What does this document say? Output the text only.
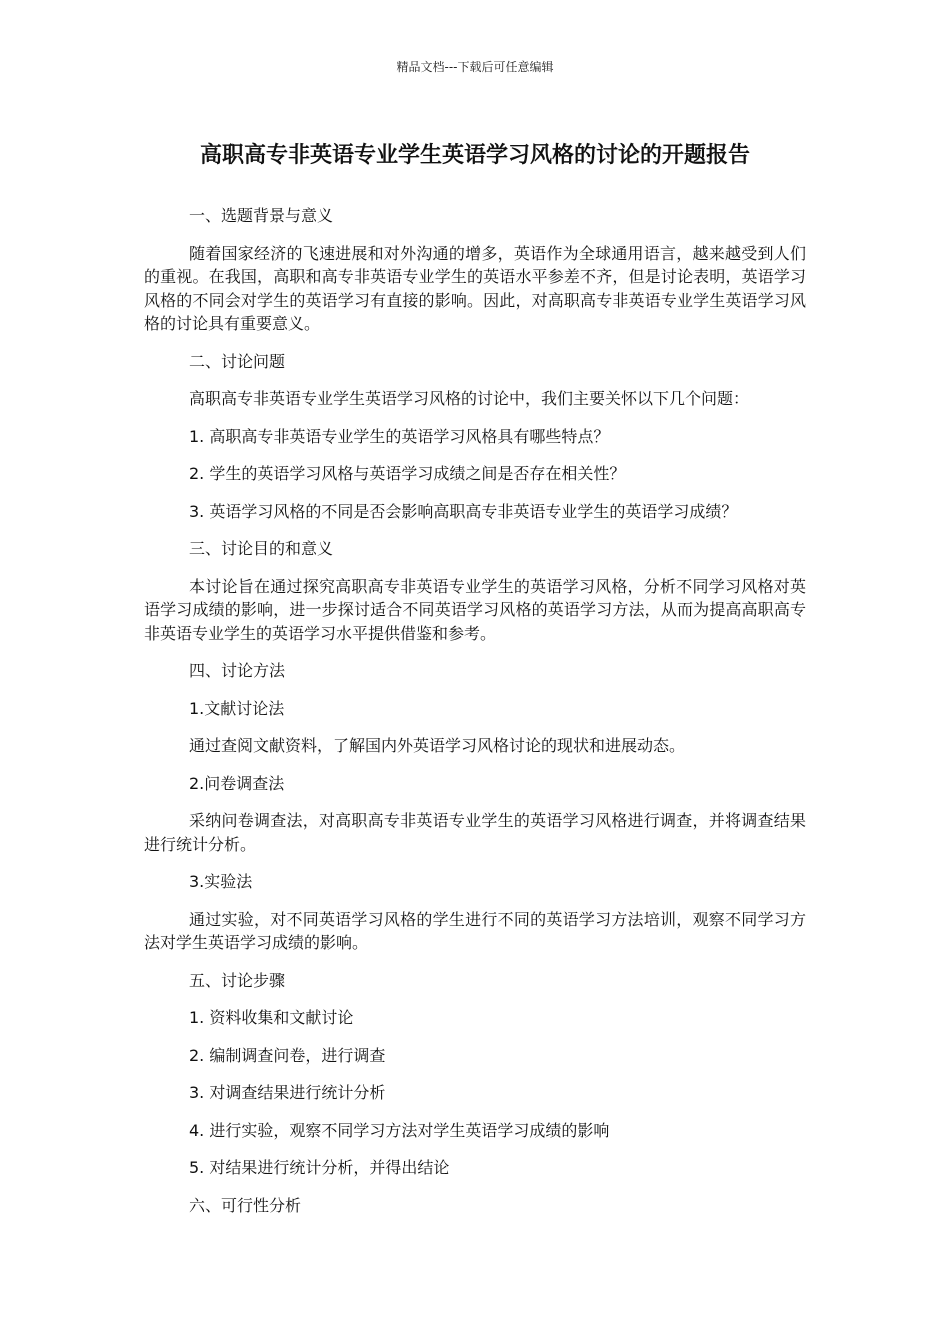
精品文档---下载后可任意编辑
高职高专非英语专业学生英语学习风格的讨论的开题报告

一、选题背景与意义

随着国家经济的飞速进展和对外沟通的增多，英语作为全球通用语言，越来越受到人们的重视。在我国，高职和高专非英语专业学生的英语水平参差不齐，但是讨论表明，英语学习风格的不同会对学生的英语学习有直接的影响。因此，对高职高专非英语专业学生英语学习风格的讨论具有重要意义。

二、讨论问题

高职高专非英语专业学生英语学习风格的讨论中，我们主要关怀以下几个问题：

1. 高职高专非英语专业学生的英语学习风格具有哪些特点？

2. 学生的英语学习风格与英语学习成绩之间是否存在相关性？

3. 英语学习风格的不同是否会影响高职高专非英语专业学生的英语学习成绩？

三、讨论目的和意义

本讨论旨在通过探究高职高专非英语专业学生的英语学习风格，分析不同学习风格对英语学习成绩的影响，进一步探讨适合不同英语学习风格的英语学习方法，从而为提高高职高专非英语专业学生的英语学习水平提供借鉴和参考。

四、讨论方法

1.文献讨论法

通过查阅文献资料，了解国内外英语学习风格讨论的现状和进展动态。

2.问卷调查法

采纳问卷调查法，对高职高专非英语专业学生的英语学习风格进行调查，并将调查结果进行统计分析。

3.实验法

通过实验，对不同英语学习风格的学生进行不同的英语学习方法培训，观察不同学习方法对学生英语学习成绩的影响。

五、讨论步骤

1. 资料收集和文献讨论

2. 编制调查问卷，进行调查

3. 对调查结果进行统计分析

4. 进行实验，观察不同学习方法对学生英语学习成绩的影响

5. 对结果进行统计分析，并得出结论

六、可行性分析
